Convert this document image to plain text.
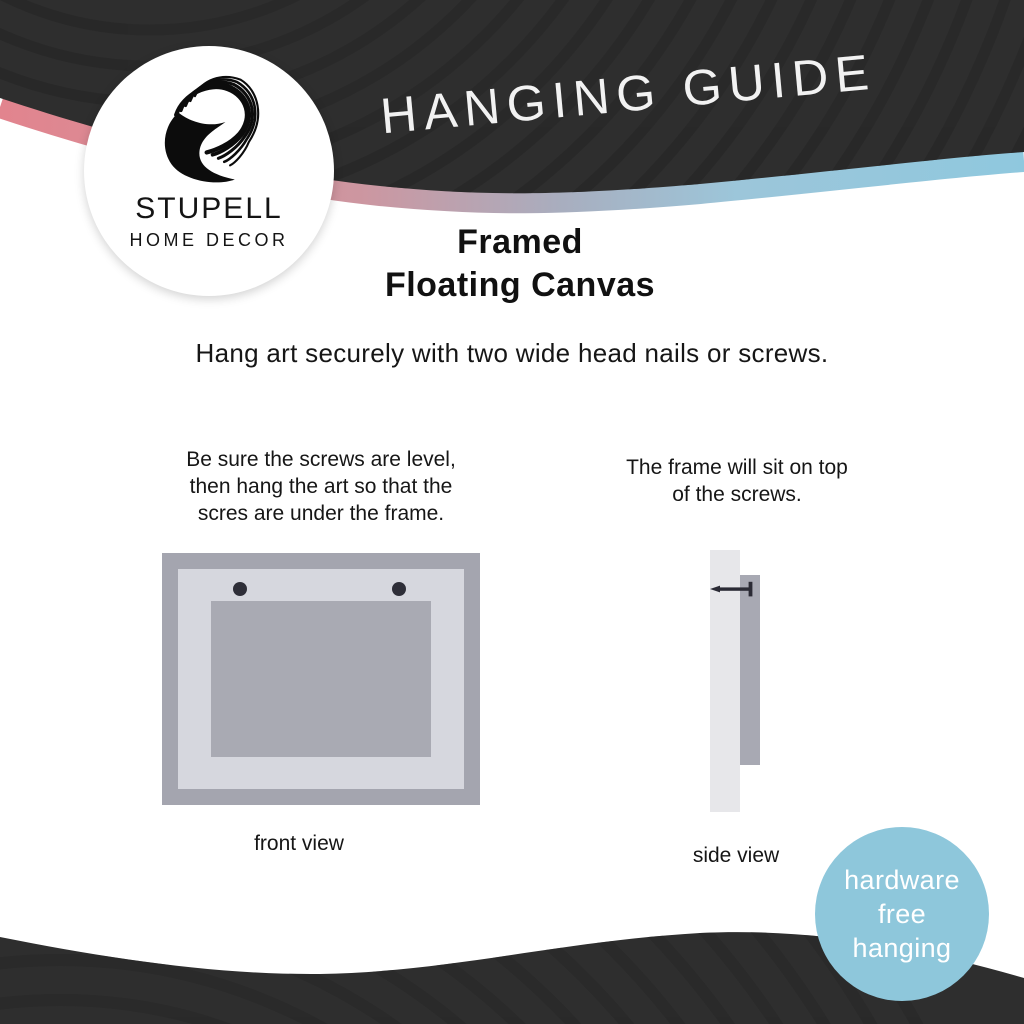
HANGING GUIDE
STUPELL
HOME DECOR	Framed
Floating Canvas
Hang art securely with two wide head nails or screws.
Be sure the screws are level,
then hang the art so that the
scres are under the frame.
The frame will sit on top
of the screws.
front view
side view
hardware
free
hanging
